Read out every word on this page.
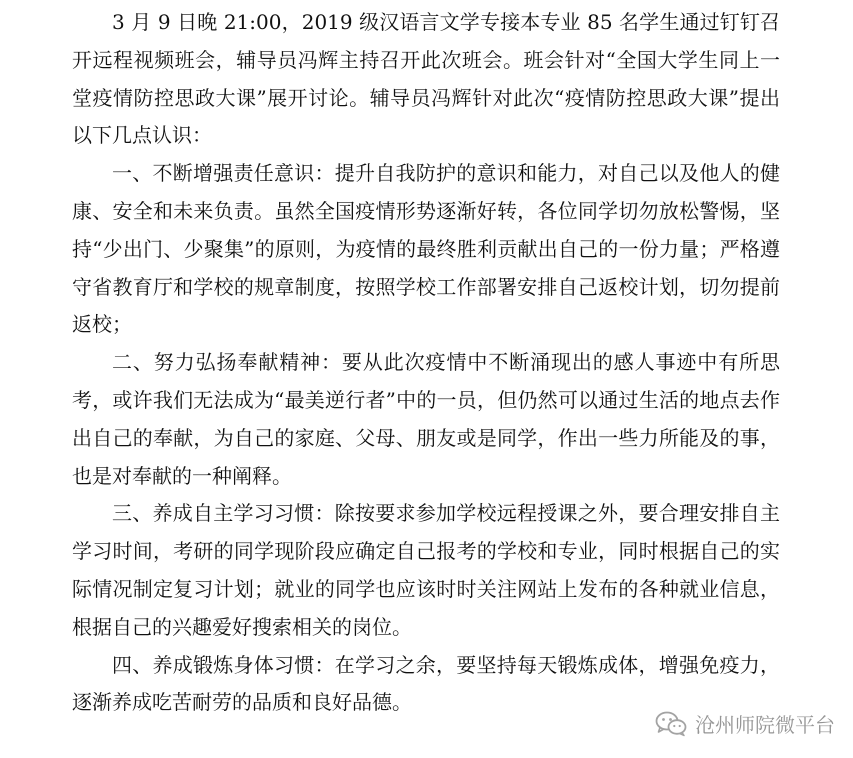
3 月 9 日晚 21:00，2019 级汉语言文学专接本专业 85 名学生通过钉钉召开远程视频班会，辅导员冯辉主持召开此次班会。班会针对“全国大学生同上一堂疫情防控思政大课”展开讨论。辅导员冯辉针对此次“疫情防控思政大课”提出以下几点认识：

一、不断增强责任意识：提升自我防护的意识和能力，对自己以及他人的健康、安全和未来负责。虽然全国疫情形势逐渐好转，各位同学切勿放松警惕，坚持“少出门、少聚集”的原则，为疫情的最终胜利贡献出自己的一份力量；严格遵守省教育厅和学校的规章制度，按照学校工作部署安排自己返校计划，切勿提前返校；

二、努力弘扬奉献精神：要从此次疫情中不断涌现出的感人事迹中有所思考，或许我们无法成为“最美逆行者”中的一员，但仍然可以通过生活的地点去作出自己的奉献，为自己的家庭、父母、朋友或是同学，作出一些力所能及的事，也是对奉献的一种阐释。

三、养成自主学习习惯：除按要求参加学校远程授课之外，要合理安排自主学习时间，考研的同学现阶段应确定自己报考的学校和专业，同时根据自己的实际情况制定复习计划；就业的同学也应该时时关注网站上发布的各种就业信息，根据自己的兴趣爱好搜索相关的岗位。

四、养成锻炼身体习惯：在学习之余，要坚持每天锻炼成体，增强免疫力，逐渐养成吃苦耐劳的品质和良好品德。

沧州师院微平台
